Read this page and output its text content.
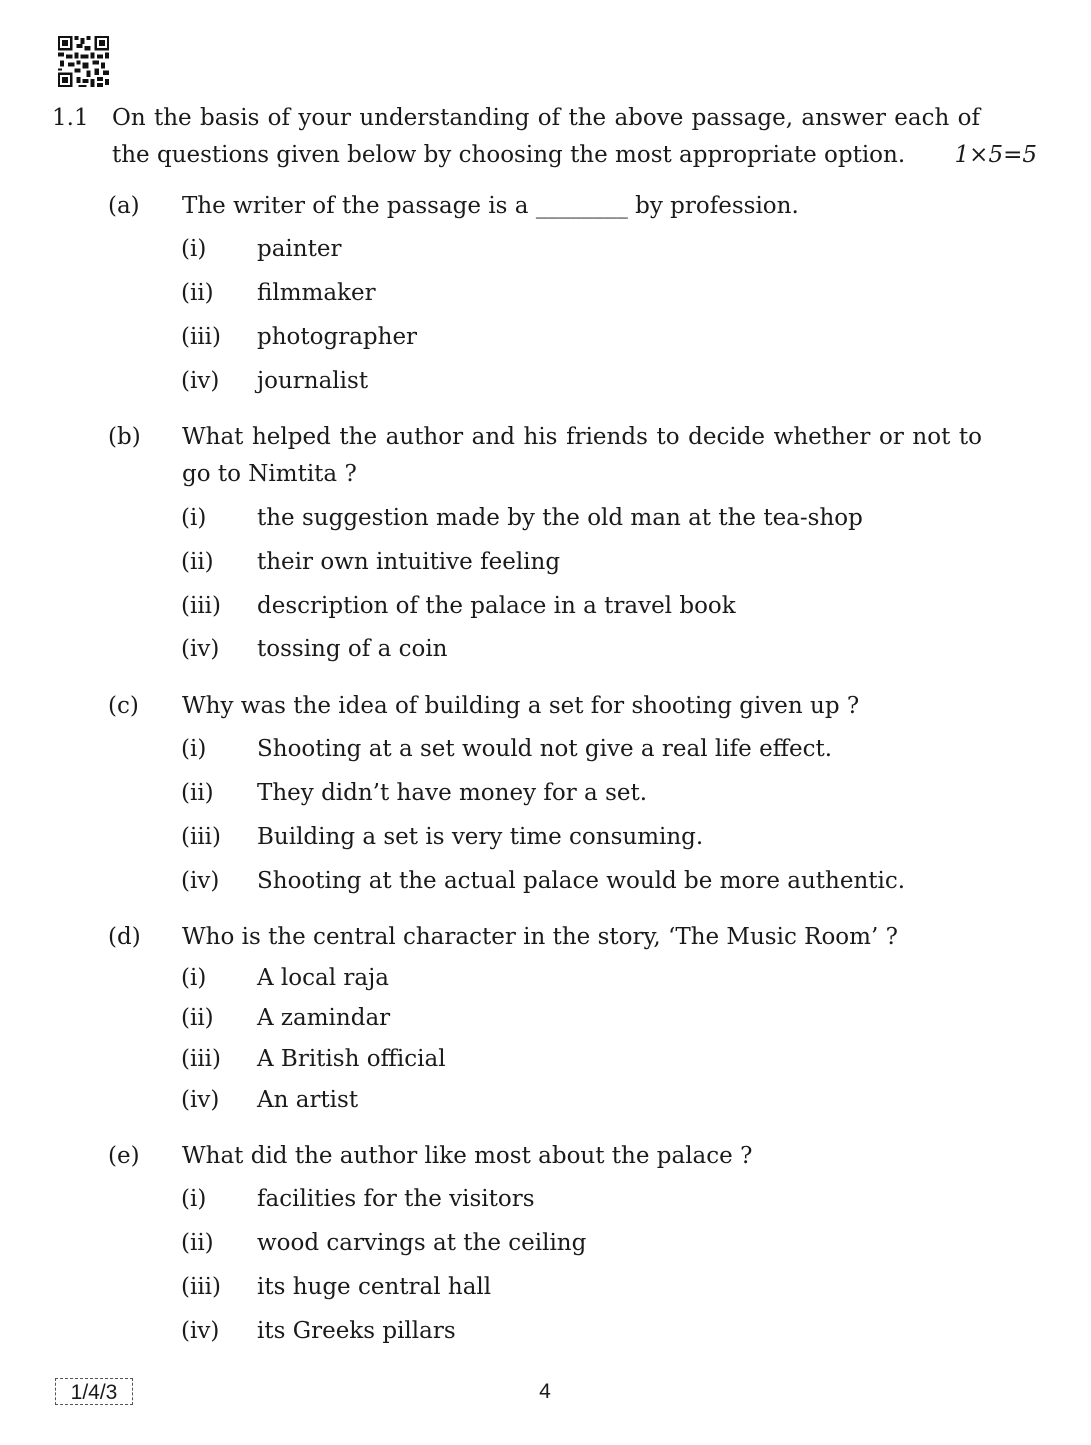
1.1 On the basis of your understanding of the above passage, answer each of
the questions given below by choosing the most appropriate option.	1×5=5
(a) The writer of the passage is a ________ by profession.
(i) painter
(ii) filmmaker
(iii) photographer
(iv) journalist
(b) What helped the author and his friends to decide whether or not to go to Nimtita ?
(i) the suggestion made by the old man at the tea-shop
(ii) their own intuitive feeling
(iii) description of the palace in a travel book
(iv) tossing of a coin
(c) Why was the idea of building a set for shooting given up ?
(i) Shooting at a set would not give a real life effect.
(ii) They didn’t have money for a set.
(iii) Building a set is very time consuming.
(iv) Shooting at the actual palace would be more authentic.
(d) Who is the central character in the story, ‘The Music Room’ ?
(i) A local raja
(ii) A zamindar
(iii) A British official
(iv) An artist
(e) What did the author like most about the palace ?
(i) facilities for the visitors
(ii) wood carvings at the ceiling
(iii) its huge central hall
(iv) its Greeks pillars
1/4/3	4
